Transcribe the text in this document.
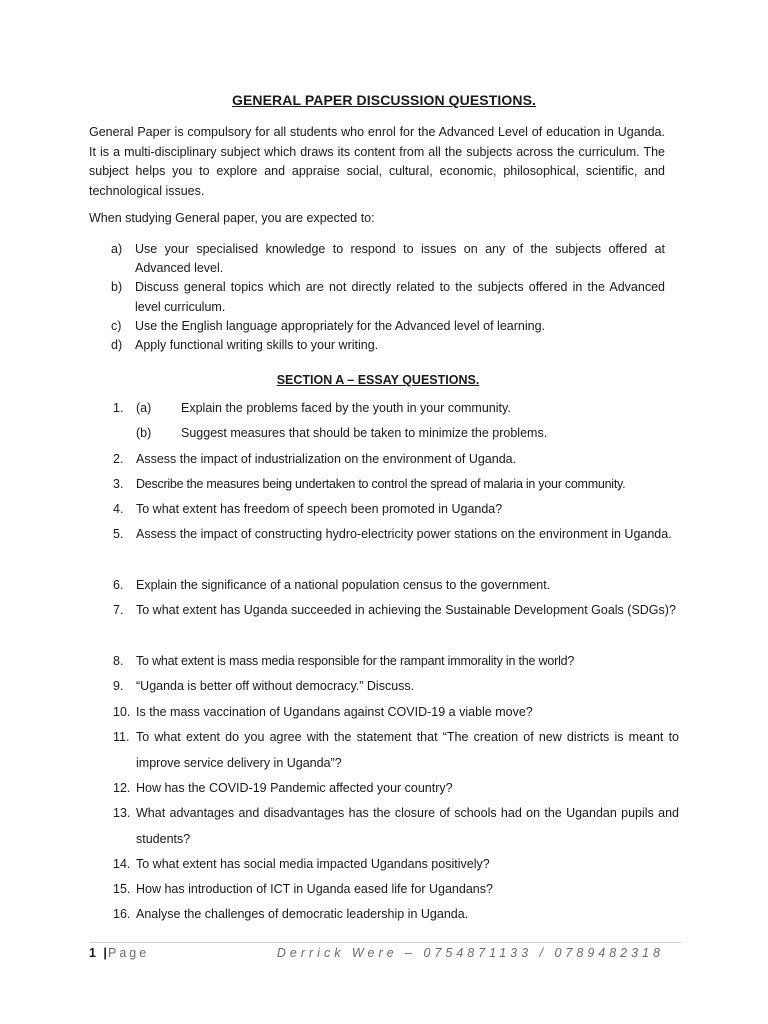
GENERAL PAPER DISCUSSION QUESTIONS.

General Paper is compulsory for all students who enrol for the Advanced Level of education in Uganda. It is a multi-disciplinary subject which draws its content from all the subjects across the curriculum. The subject helps you to explore and appraise social, cultural, economic, philosophical, scientific, and technological issues.

When studying General paper, you are expected to:

a)	Use your specialised knowledge to respond to issues on any of the subjects offered at Advanced level.
b)	Discuss general topics which are not directly related to the subjects offered in the Advanced level curriculum.
c)	Use the English language appropriately for the Advanced level of learning.
d)	Apply functional writing skills to your writing.
SECTION A – ESSAY QUESTIONS.
1. (a) Explain the problems faced by the youth in your community.
(b) Suggest measures that should be taken to minimize the problems.
2. Assess the impact of industrialization on the environment of Uganda.
3. Describe the measures being undertaken to control the spread of malaria in your community.
4. To what extent has freedom of speech been promoted in Uganda?
5. Assess the impact of constructing hydro-electricity power stations on the environment in Uganda.
6. Explain the significance of a national population census to the government.
7. To what extent has Uganda succeeded in achieving the Sustainable Development Goals (SDGs)?
8. To what extent is mass media responsible for the rampant immorality in the world?
9. “Uganda is better off without democracy.” Discuss.
10. Is the mass vaccination of Ugandans against COVID-19 a viable move?
11. To what extent do you agree with the statement that “The creation of new districts is meant to improve service delivery in Uganda”?
12. How has the COVID-19 Pandemic affected your country?
13. What advantages and disadvantages has the closure of schools had on the Ugandan pupils and students?
14. To what extent has social media impacted Ugandans positively?
15. How has introduction of ICT in Uganda eased life for Ugandans?
16. Analyse the challenges of democratic leadership in Uganda.
1 | Page	Derrick Were – 0754871133 / 0789482318
